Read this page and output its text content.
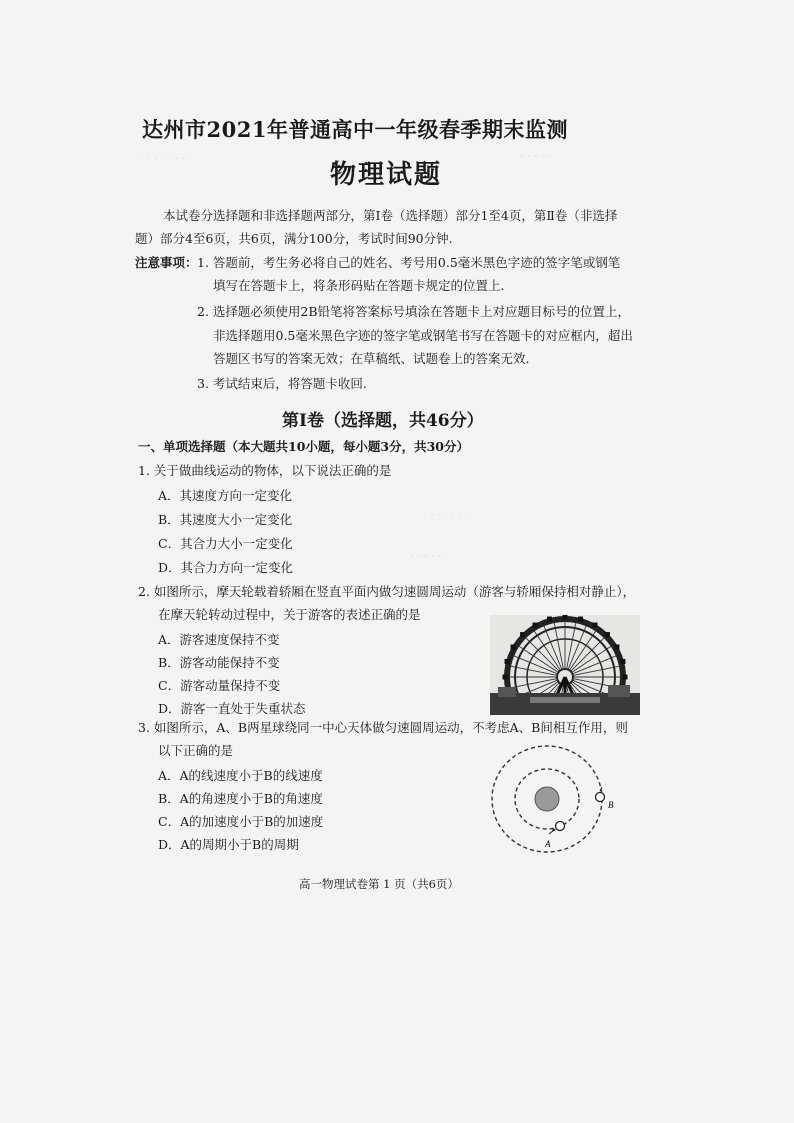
· · · · · · ·	· · · · ·
· · · · · ·
· · · · ·
达州市2021年普通高中一年级春季期末监测
物理试题
本试卷分选择题和非选择题两部分，第Ⅰ卷（选择题）部分1至4页，第Ⅱ卷（非选择
题）部分4至6页，共6页，满分100分，考试时间90分钟.
注意事项： 1. 答题前，考生务必将自己的姓名、考号用0.5毫米黑色字迹的签字笔或钢笔
填写在答题卡上，将条形码贴在答题卡规定的位置上.
2. 选择题必须使用2B铅笔将答案标号填涂在答题卡上对应题目标号的位置上，
非选择题用0.5毫米黑色字迹的签字笔或钢笔书写在答题卡的对应框内，超出
答题区书写的答案无效；在草稿纸、试题卷上的答案无效.
3. 考试结束后，将答题卡收回.
第Ⅰ卷（选择题，共46分）
一、单项选择题（本大题共10小题，每小题3分，共30分）
1. 关于做曲线运动的物体，以下说法正确的是
A．其速度方向一定变化
B．其速度大小一定变化
C．其合力大小一定变化
D．其合力方向一定变化
2. 如图所示，摩天轮载着轿厢在竖直平面内做匀速圆周运动（游客与轿厢保持相对静止），
在摩天轮转动过程中，关于游客的表述正确的是
A．游客速度保持不变
B．游客动能保持不变
C．游客动量保持不变
D．游客一直处于失重状态
3. 如图所示，A、B两星球绕同一中心天体做匀速圆周运动，不考虑A、B间相互作用，则
以下正确的是
A．A的线速度小于B的线速度
B．A的角速度小于B的角速度
C．A的加速度小于B的加速度
D．A的周期小于B的周期	A
B
高一物理试卷第 1 页（共6页）
